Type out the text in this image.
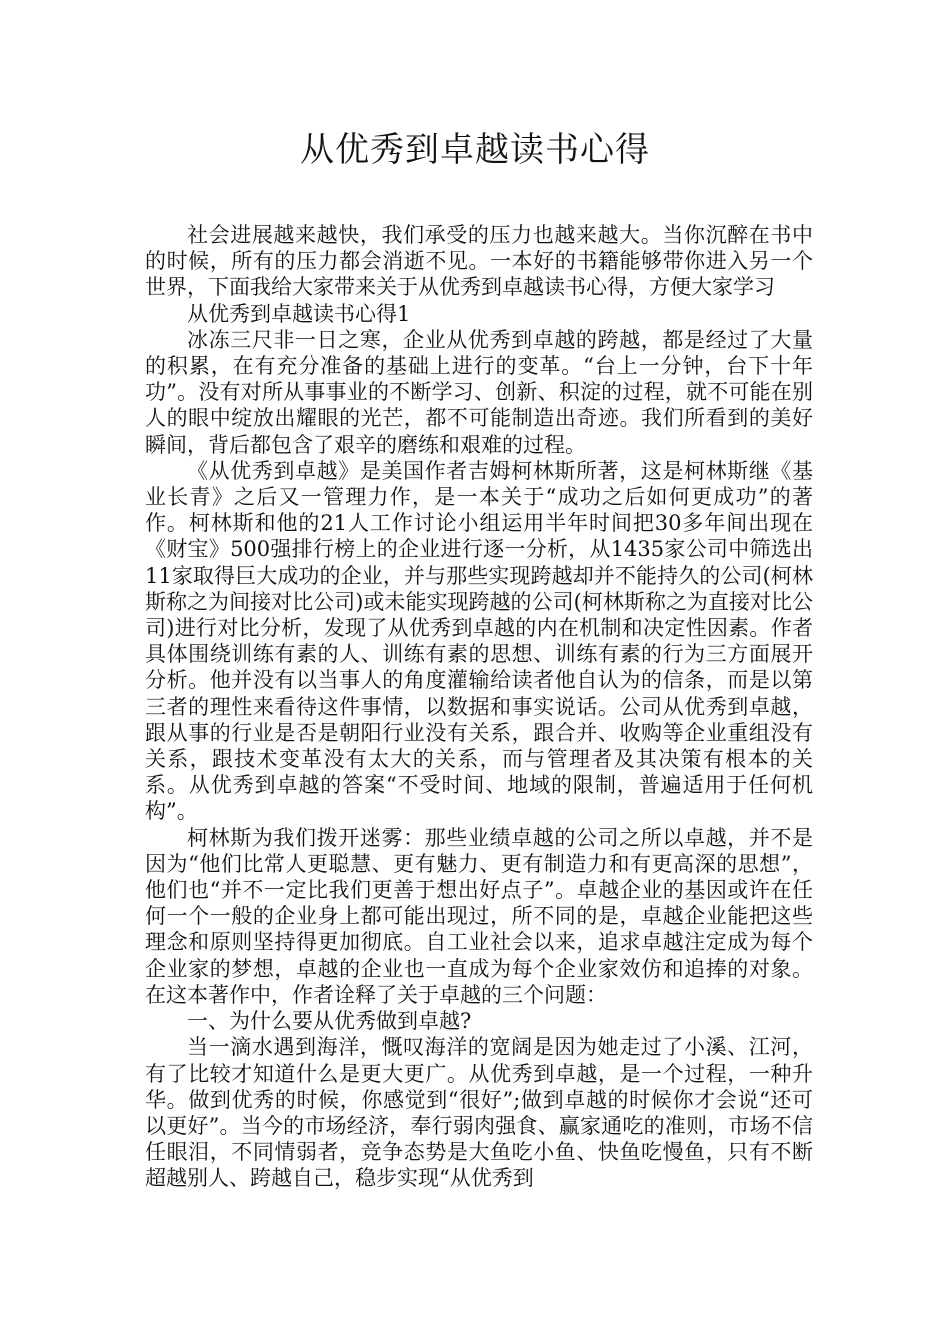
从优秀到卓越读书心得

社会进展越来越快，我们承受的压力也越来越大。当你沉醉在书中的时候，所有的压力都会消逝不见。一本好的书籍能够带你进入另一个世界，下面我给大家带来关于从优秀到卓越读书心得，方便大家学习

从优秀到卓越读书心得1

冰冻三尺非一日之寒，企业从优秀到卓越的跨越，都是经过了大量的积累，在有充分准备的基础上进行的变革。“台上一分钟，台下十年功”。没有对所从事事业的不断学习、创新、积淀的过程，就不可能在别人的眼中绽放出耀眼的光芒，都不可能制造出奇迹。我们所看到的美好瞬间，背后都包含了艰辛的磨练和艰难的过程。

《从优秀到卓越》是美国作者吉姆柯林斯所著，这是柯林斯继《基业长青》之后又一管理力作，是一本关于“成功之后如何更成功”的著作。柯林斯和他的21人工作讨论小组运用半年时间把30多年间出现在《财宝》500强排行榜上的企业进行逐一分析，从1435家公司中筛选出11家取得巨大成功的企业，并与那些实现跨越却并不能持久的公司(柯林斯称之为间接对比公司)或未能实现跨越的公司(柯林斯称之为直接对比公司)进行对比分析，发现了从优秀到卓越的内在机制和决定性因素。作者具体围绕训练有素的人、训练有素的思想、训练有素的行为三方面展开分析。他并没有以当事人的角度灌输给读者他自认为的信条，而是以第三者的理性来看待这件事情，以数据和事实说话。公司从优秀到卓越，跟从事的行业是否是朝阳行业没有关系，跟合并、收购等企业重组没有关系，跟技术变革没有太大的关系，而与管理者及其决策有根本的关系。从优秀到卓越的答案“不受时间、地域的限制，普遍适用于任何机构”。

柯林斯为我们拨开迷雾：那些业绩卓越的公司之所以卓越，并不是因为“他们比常人更聪慧、更有魅力、更有制造力和有更高深的思想”，他们也“并不一定比我们更善于想出好点子”。卓越企业的基因或许在任何一个一般的企业身上都可能出现过，所不同的是，卓越企业能把这些理念和原则坚持得更加彻底。自工业社会以来，追求卓越注定成为每个企业家的梦想，卓越的企业也一直成为每个企业家效仿和追捧的对象。在这本著作中，作者诠释了关于卓越的三个问题：

一、为什么要从优秀做到卓越?

当一滴水遇到海洋，慨叹海洋的宽阔是因为她走过了小溪、江河，有了比较才知道什么是更大更广。从优秀到卓越，是一个过程，一种升华。做到优秀的时候，你感觉到“很好”;做到卓越的时候你才会说“还可以更好”。当今的市场经济，奉行弱肉强食、赢家通吃的准则，市场不信任眼泪，不同情弱者，竞争态势是大鱼吃小鱼、快鱼吃慢鱼，只有不断超越别人、跨越自己，稳步实现“从优秀到
